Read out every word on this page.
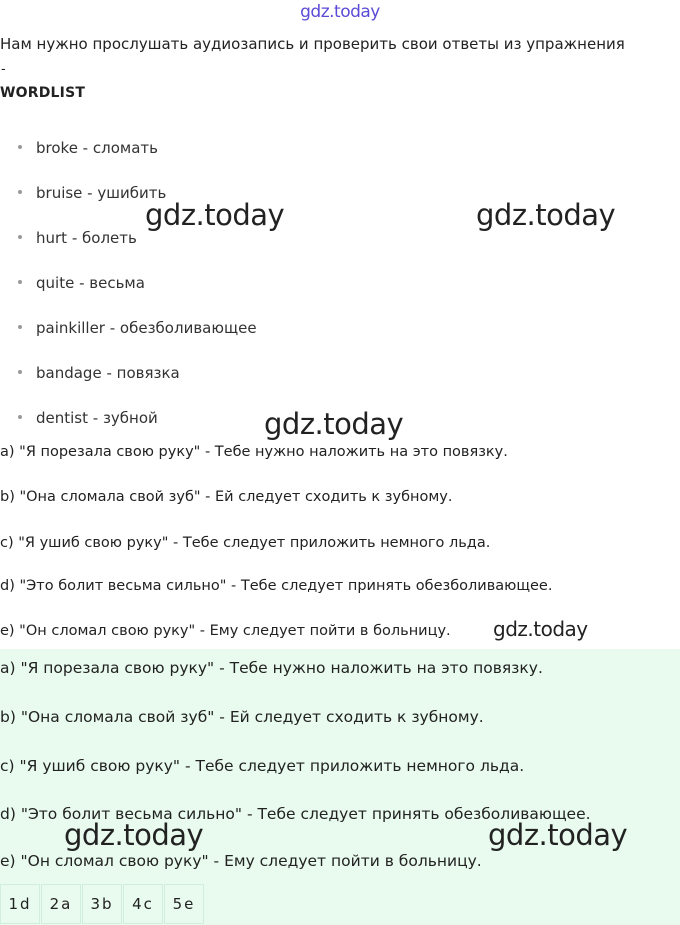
gdz.today
Нам нужно прослушать аудиозапись и проверить свои ответы из упражнения
-
WORDLIST
broke - сломать
bruise - ушибить
hurt - болеть
quite - весьма
painkiller - обезболивающее
bandage - повязка
dentist - зубной
a) "Я порезала свою руку" - Тебе нужно наложить на это повязку.
b) "Она сломала свой зуб" - Ей следует сходить к зубному.
c) "Я ушиб свою руку" - Тебе следует приложить немного льда.
d) "Это болит весьма сильно" - Тебе следует принять обезболивающее.
e) "Он сломал свою руку" - Ему следует пойти в больницу.
a) "Я порезала свою руку" - Тебе нужно наложить на это повязку.
b) "Она сломала свой зуб" - Ей следует сходить к зубному.
c) "Я ушиб свою руку" - Тебе следует приложить немного льда.
d) "Это болит весьма сильно" - Тебе следует принять обезболивающее.
e) "Он сломал свою руку" - Ему следует пойти в больницу.
1d	2a	3b	4c	5e
gdz.today	gdz.today
gdz.today
gdz.today
gdz.today	gdz.today
